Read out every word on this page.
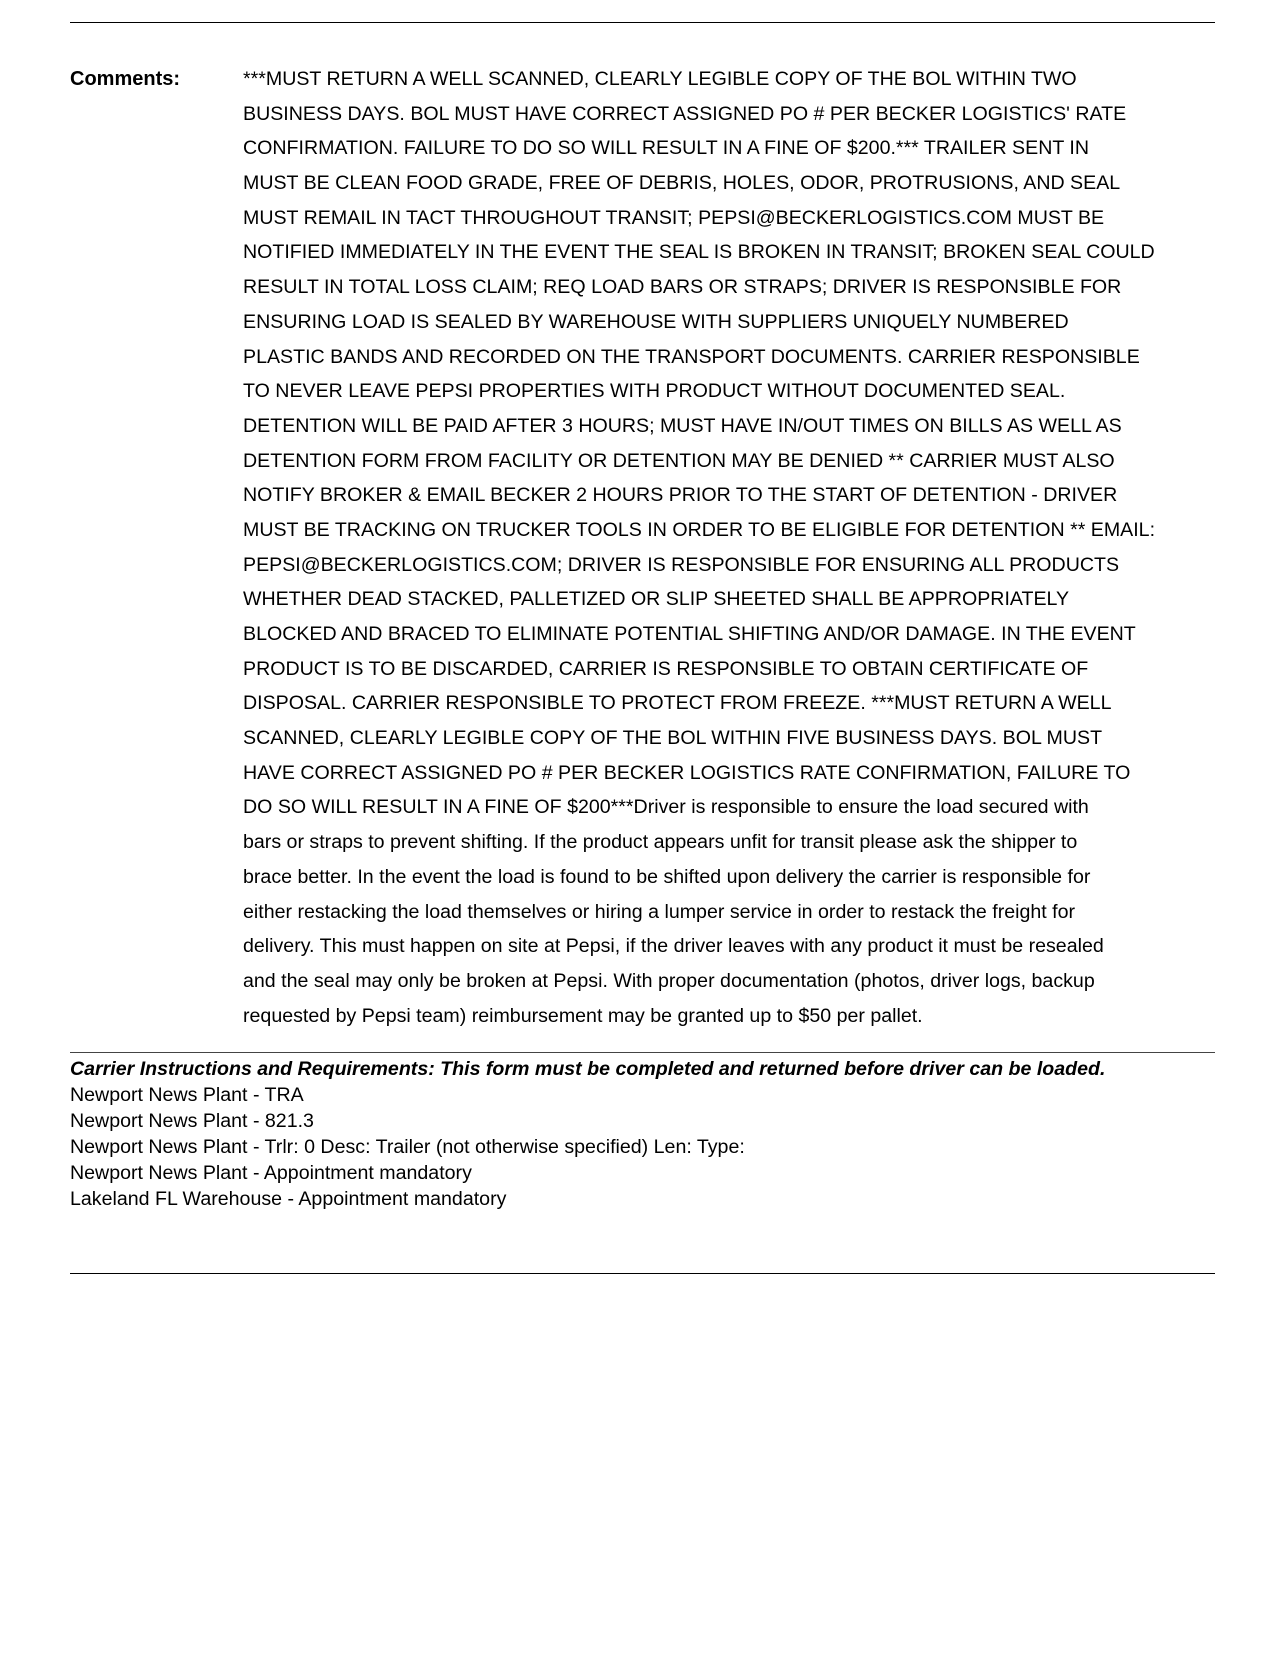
Comments:	***MUST RETURN A WELL SCANNED, CLEARLY LEGIBLE COPY OF THE BOL WITHIN TWO
BUSINESS DAYS. BOL MUST HAVE CORRECT ASSIGNED PO # PER BECKER LOGISTICS' RATE
CONFIRMATION. FAILURE TO DO SO WILL RESULT IN A FINE OF $200.*** TRAILER SENT IN
MUST BE CLEAN FOOD GRADE, FREE OF DEBRIS, HOLES, ODOR, PROTRUSIONS, AND SEAL
MUST REMAIL IN TACT THROUGHOUT TRANSIT; PEPSI@BECKERLOGISTICS.COM MUST BE
NOTIFIED IMMEDIATELY IN THE EVENT THE SEAL IS BROKEN IN TRANSIT; BROKEN SEAL COULD
RESULT IN TOTAL LOSS CLAIM; REQ LOAD BARS OR STRAPS; DRIVER IS RESPONSIBLE FOR
ENSURING LOAD IS SEALED BY WAREHOUSE WITH SUPPLIERS UNIQUELY NUMBERED
PLASTIC BANDS AND RECORDED ON THE TRANSPORT DOCUMENTS. CARRIER RESPONSIBLE
TO NEVER LEAVE PEPSI PROPERTIES WITH PRODUCT WITHOUT DOCUMENTED SEAL.
DETENTION WILL BE PAID AFTER 3 HOURS; MUST HAVE IN/OUT TIMES ON BILLS AS WELL AS
DETENTION FORM FROM FACILITY OR DETENTION MAY BE DENIED ** CARRIER MUST ALSO
NOTIFY BROKER & EMAIL BECKER 2 HOURS PRIOR TO THE START OF DETENTION - DRIVER
MUST BE TRACKING ON TRUCKER TOOLS IN ORDER TO BE ELIGIBLE FOR DETENTION ** EMAIL:
PEPSI@BECKERLOGISTICS.COM; DRIVER IS RESPONSIBLE FOR ENSURING ALL PRODUCTS
WHETHER DEAD STACKED, PALLETIZED OR SLIP SHEETED SHALL BE APPROPRIATELY
BLOCKED AND BRACED TO ELIMINATE POTENTIAL SHIFTING AND/OR DAMAGE. IN THE EVENT
PRODUCT IS TO BE DISCARDED, CARRIER IS RESPONSIBLE TO OBTAIN CERTIFICATE OF
DISPOSAL. CARRIER RESPONSIBLE TO PROTECT FROM FREEZE. ***MUST RETURN A WELL
SCANNED, CLEARLY LEGIBLE COPY OF THE BOL WITHIN FIVE BUSINESS DAYS. BOL MUST
HAVE CORRECT ASSIGNED PO # PER BECKER LOGISTICS RATE CONFIRMATION, FAILURE TO
DO SO WILL RESULT IN A FINE OF $200***Driver is responsible to ensure the load secured with
bars or straps to prevent shifting. If the product appears unfit for transit please ask the shipper to
brace better. In the event the load is found to be shifted upon delivery the carrier is responsible for
either restacking the load themselves or hiring a lumper service in order to restack the freight for
delivery. This must happen on site at Pepsi, if the driver leaves with any product it must be resealed
and the seal may only be broken at Pepsi. With proper documentation (photos, driver logs, backup
requested by Pepsi team) reimbursement may be granted up to $50 per pallet.
Carrier Instructions and Requirements: This form must be completed and returned before driver can be loaded.
Newport News Plant - TRA
Newport News Plant - 821.3
Newport News Plant - Trlr: 0 Desc: Trailer (not otherwise specified) Len: Type:
Newport News Plant - Appointment mandatory
Lakeland FL Warehouse - Appointment mandatory
